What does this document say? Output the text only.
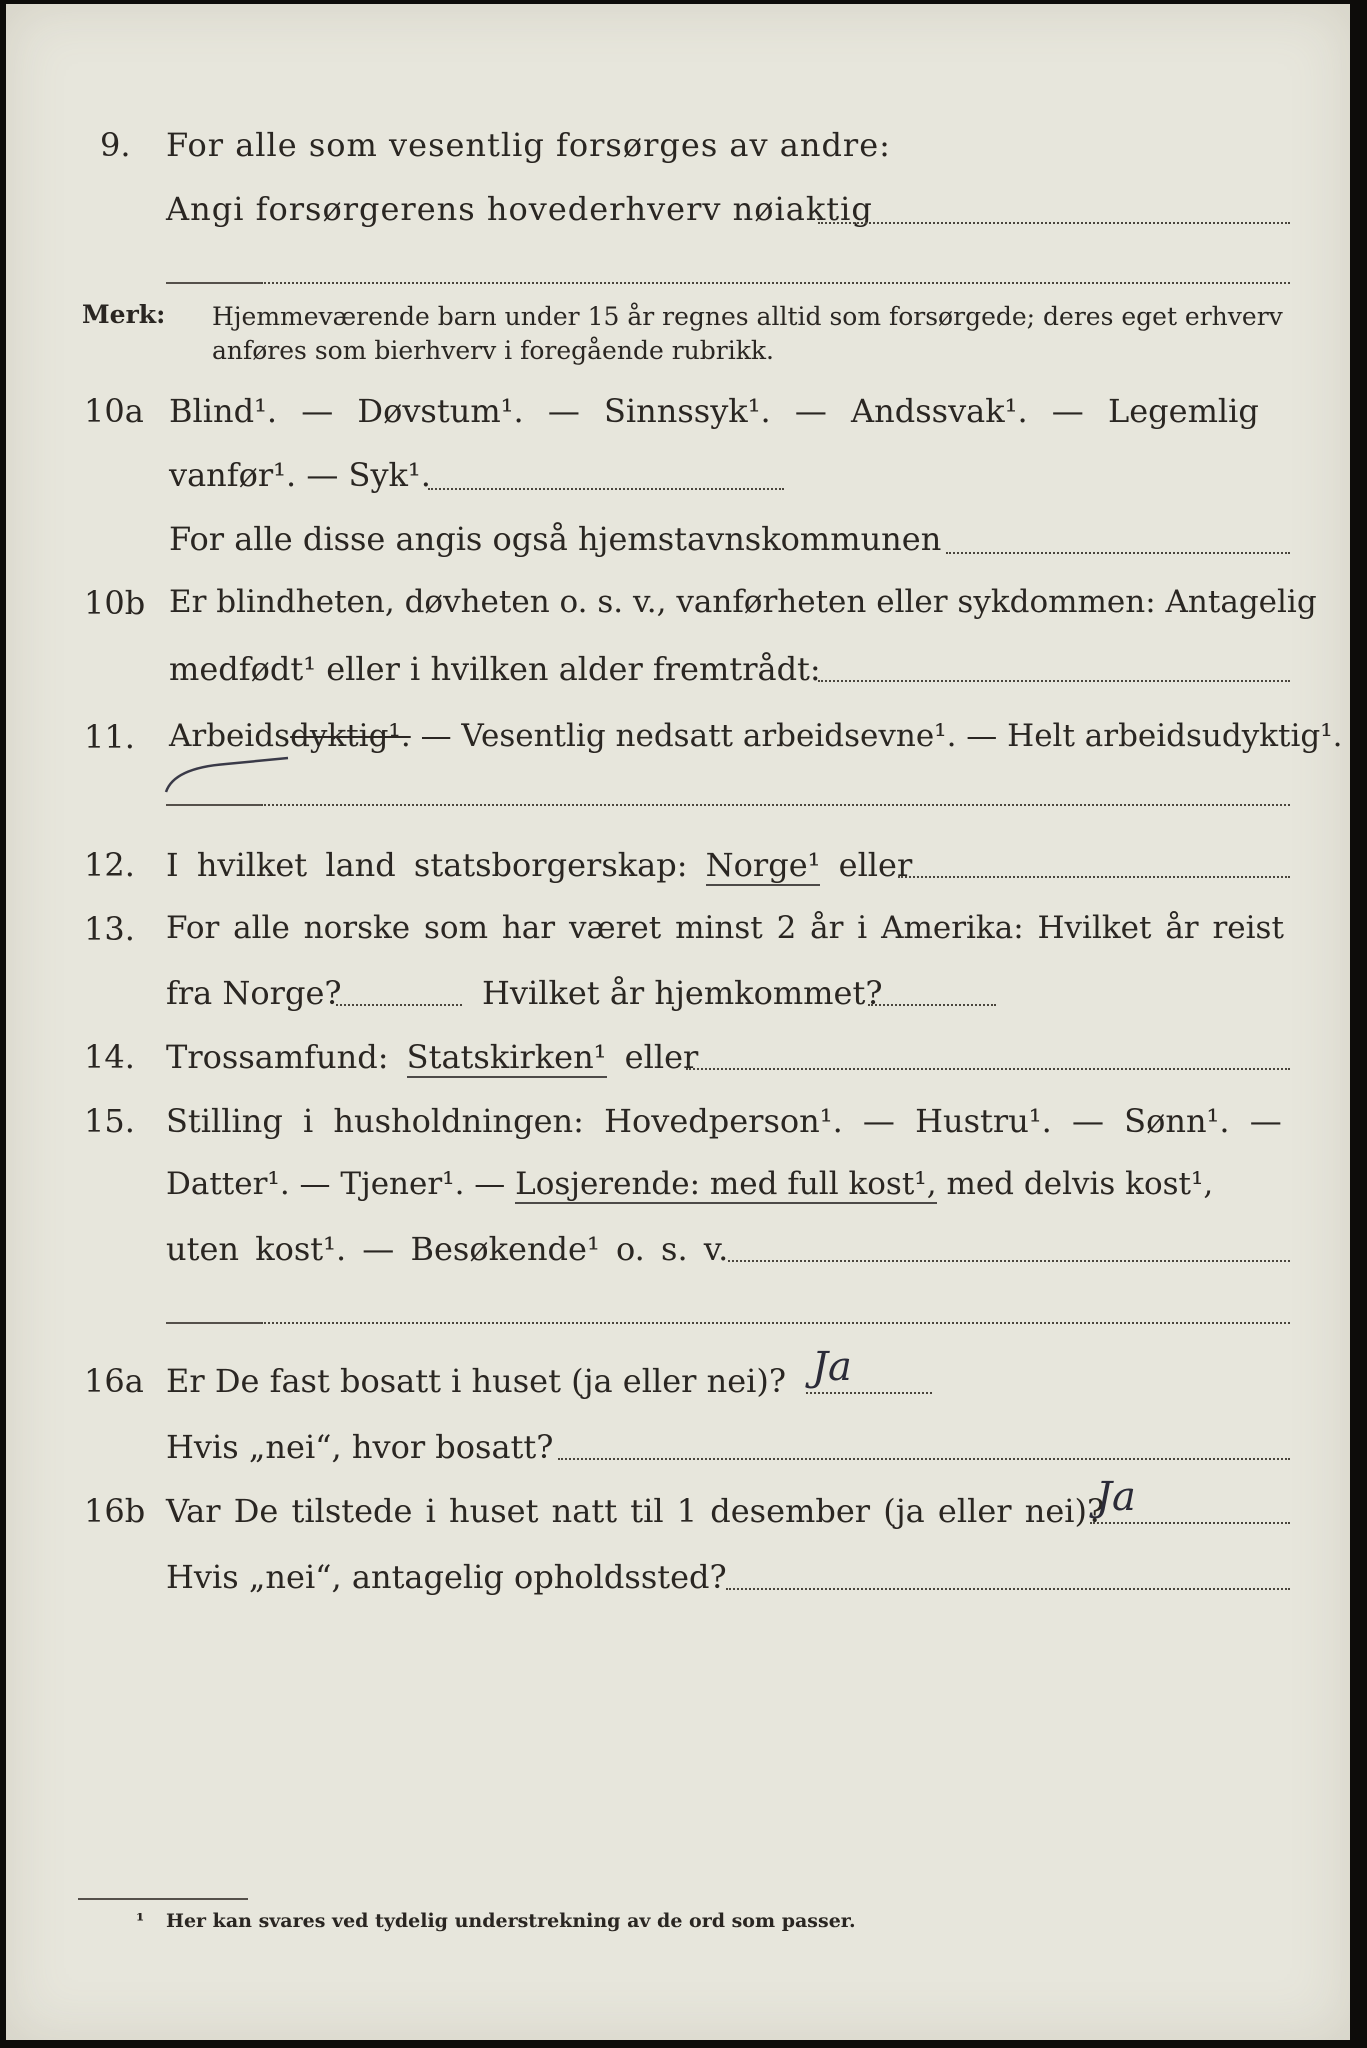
9. For alle som vesentlig forsørges av andre:
Angi forsørgerens hovederhverv nøiaktig
Merk: Hjemmeværende barn under 15 år regnes alltid som forsørgede; deres eget erhverv
anføres som bierhverv i foregående rubrikk.
10a Blind¹. — Døvstum¹. — Sinnssyk¹. — Andssvak¹. — Legemlig
vanfør¹. — Syk¹.
For alle disse angis også hjemstavnskommunen
10b Er blindheten, døvheten o. s. v., vanførheten eller sykdommen: Antagelig
medfødt¹ eller i hvilken alder fremtrådt:
11. Arbeidsdyktig¹. — Vesentlig nedsatt arbeidsevne¹. — Helt arbeidsudyktig¹.
12. I hvilket land statsborgerskap: Norge¹ eller
13. For alle norske som har været minst 2 år i Amerika: Hvilket år reist
fra Norge?	Hvilket år hjemkommet?
14. Trossamfund: Statskirken¹ eller
15. Stilling i husholdningen: Hovedperson¹. — Hustru¹. — Sønn¹. —
Datter¹. — Tjener¹. — Losjerende: med full kost¹, med delvis kost¹,
uten kost¹. — Besøkende¹ o. s. v.
16a Er De fast bosatt i huset (ja eller nei)? Ja
Hvis „nei“, hvor bosatt?
16b Var De tilstede i huset natt til 1 desember (ja eller nei)?
Ja
Hvis „nei“, antagelig opholdssted?
¹ Her kan svares ved tydelig understrekning av de ord som passer.
